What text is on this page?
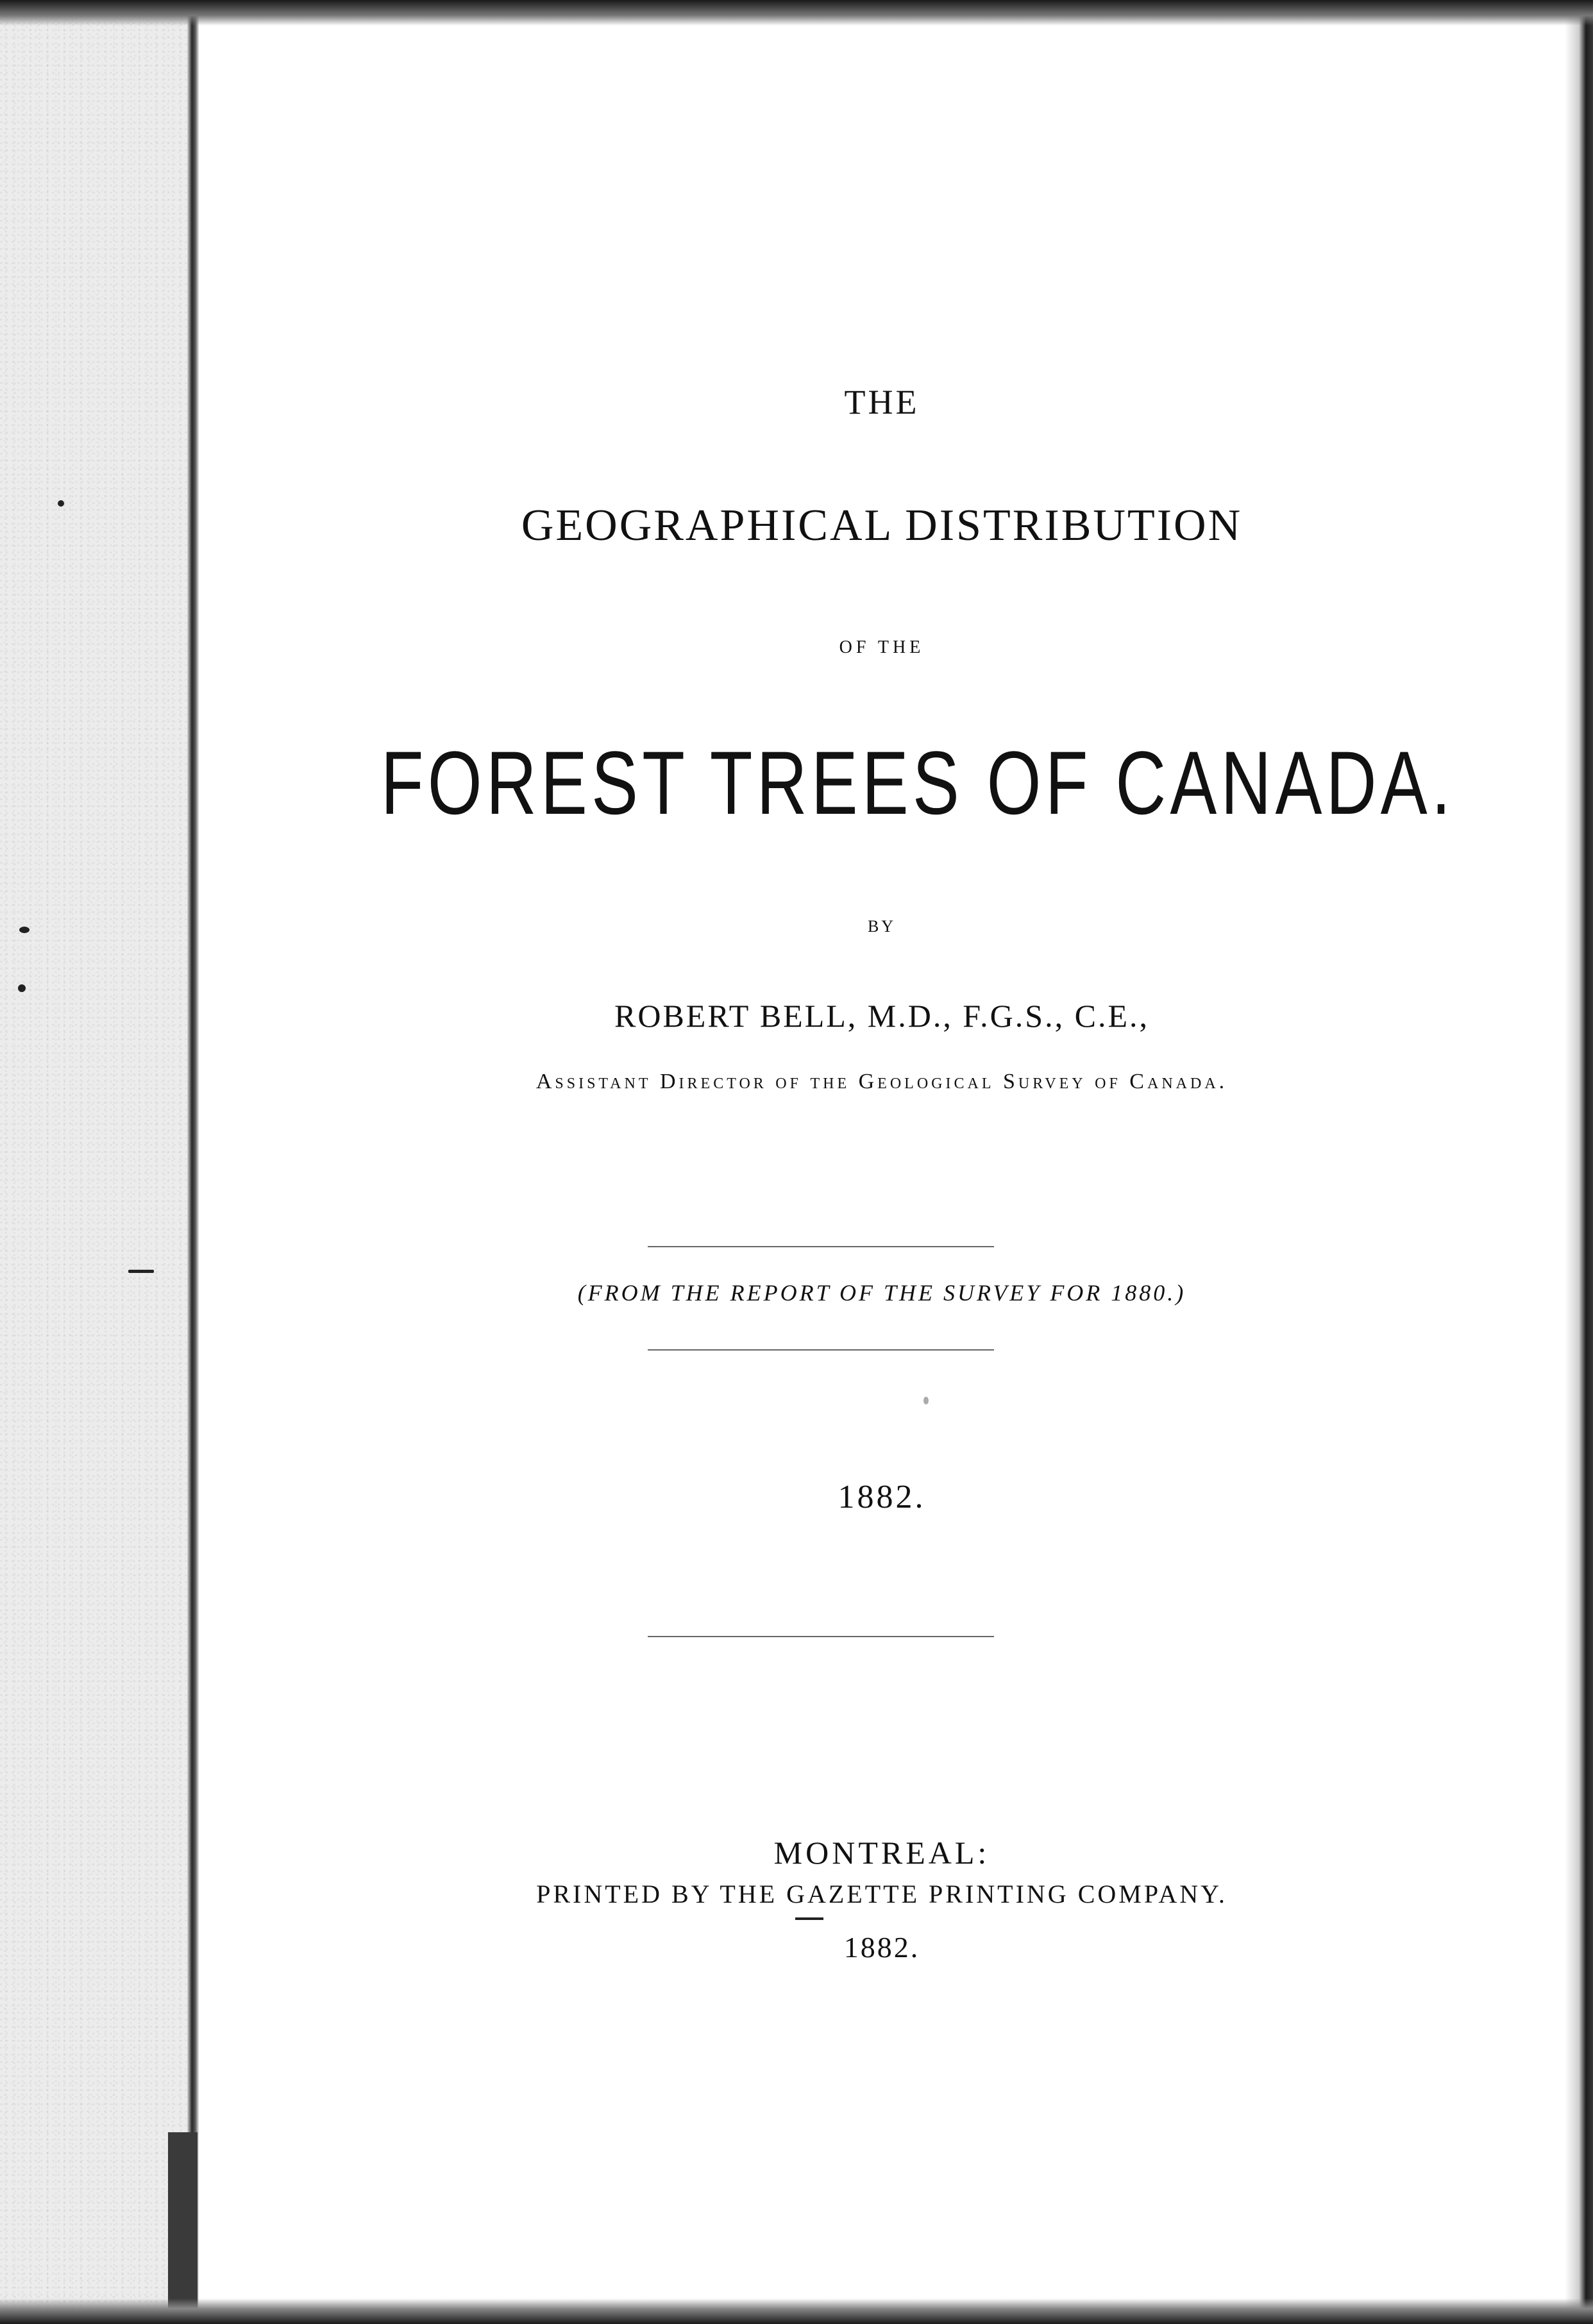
THE
GEOGRAPHICAL DISTRIBUTION
OF THE
FOREST TREES OF CANADA.
BY
ROBERT BELL, M.D., F.G.S., C.E.,
Assistant Director of the Geological Survey of Canada.
(FROM THE REPORT OF THE SURVEY FOR 1880.)
1882.
MONTREAL:
PRINTED BY THE GAZETTE PRINTING COMPANY.
1882.
